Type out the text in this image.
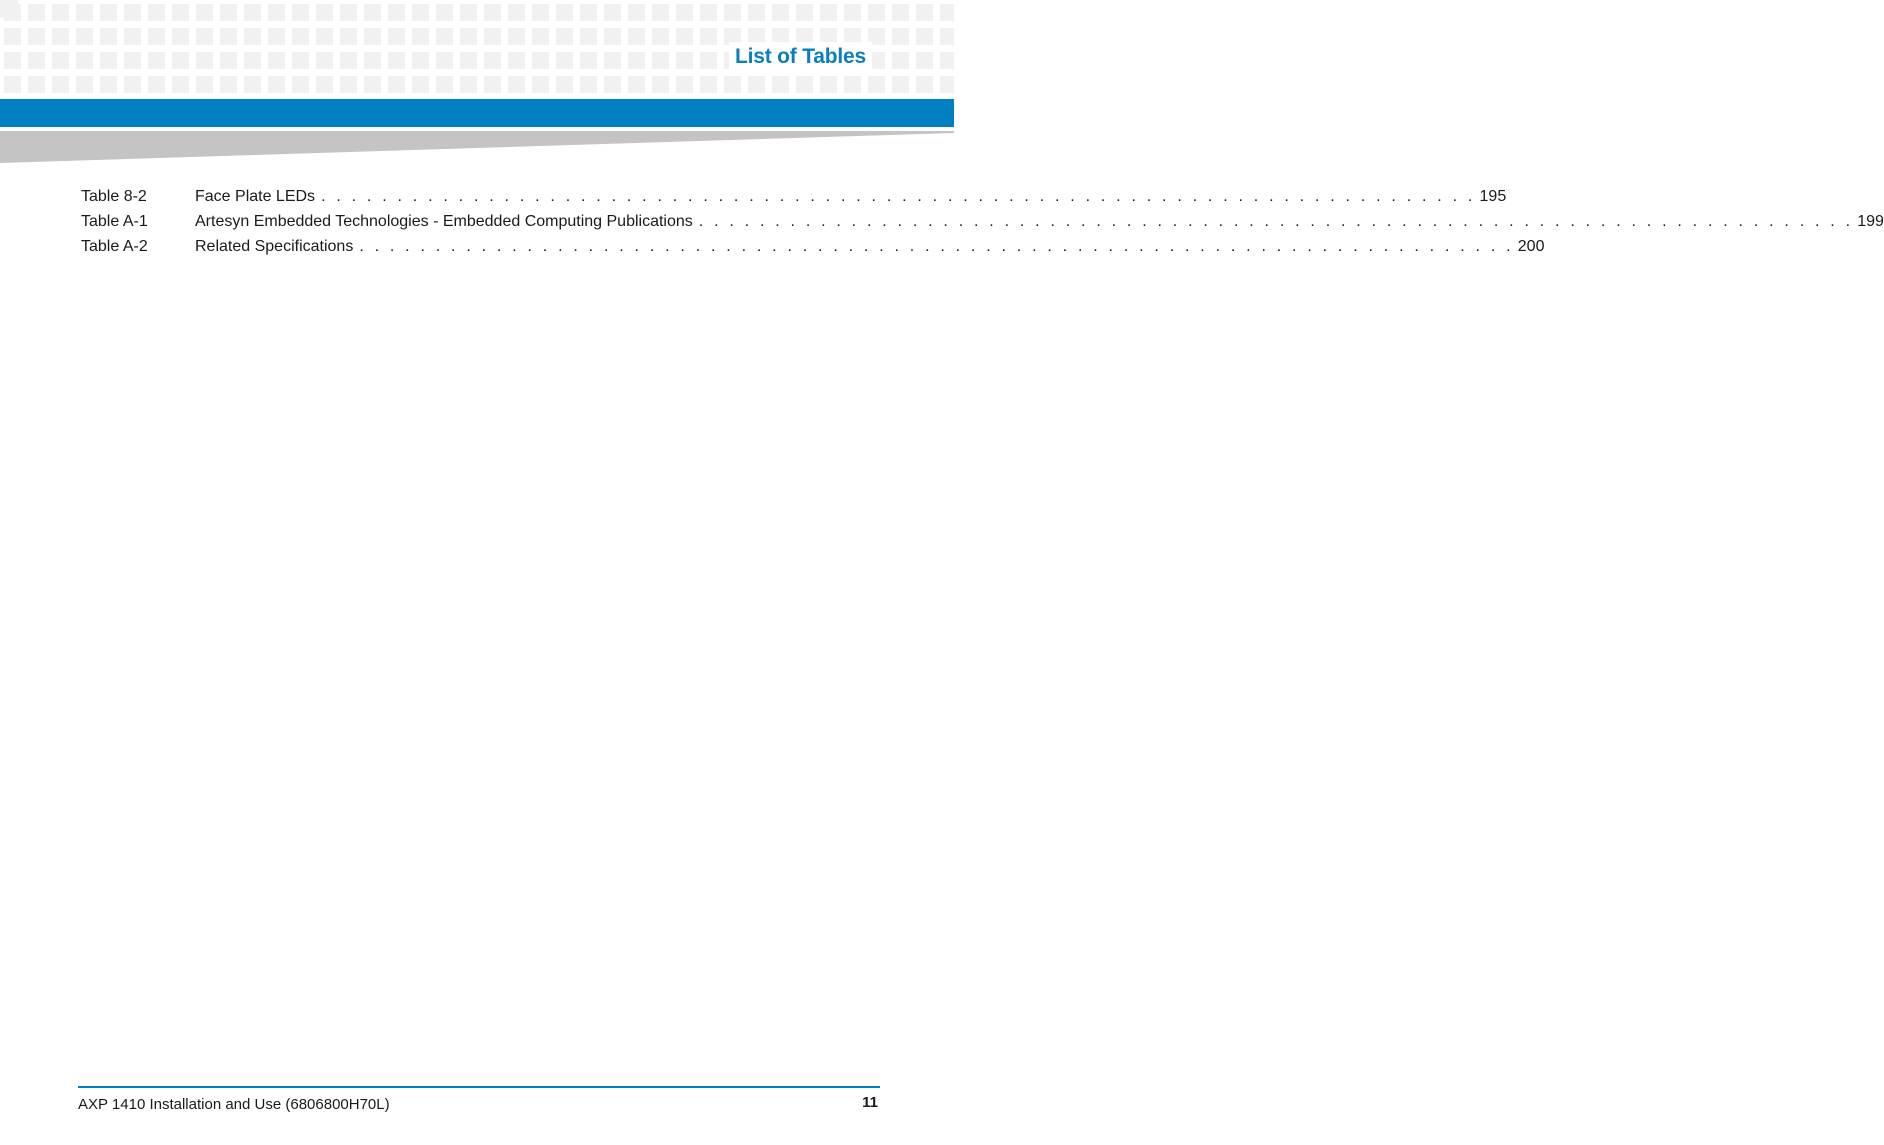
List of Tables
Table 8-2	Face Plate LEDs . . . . . . . . . . . . . . . . . . . . . . . . . . . . . . . . . . . . . . . . . . . . . . . . . . . . . . . . . . . . . . . . . . . . . . . . . . . . 195
Table A-1	Artesyn Embedded Technologies - Embedded Computing Publications . . . . . . . . . . . . . . . . . . . . . . . . . . . . . . . . . . . . . . . . . . . . . . . . . . . . . . . . . . . . . . . . . . . . . . . . . . . . 199
Table A-2	Related Specifications . . . . . . . . . . . . . . . . . . . . . . . . . . . . . . . . . . . . . . . . . . . . . . . . . . . . . . . . . . . . . . . . . . . . . . . . . . . . 200
AXP 1410 Installation and Use (6806800H70L)	11
